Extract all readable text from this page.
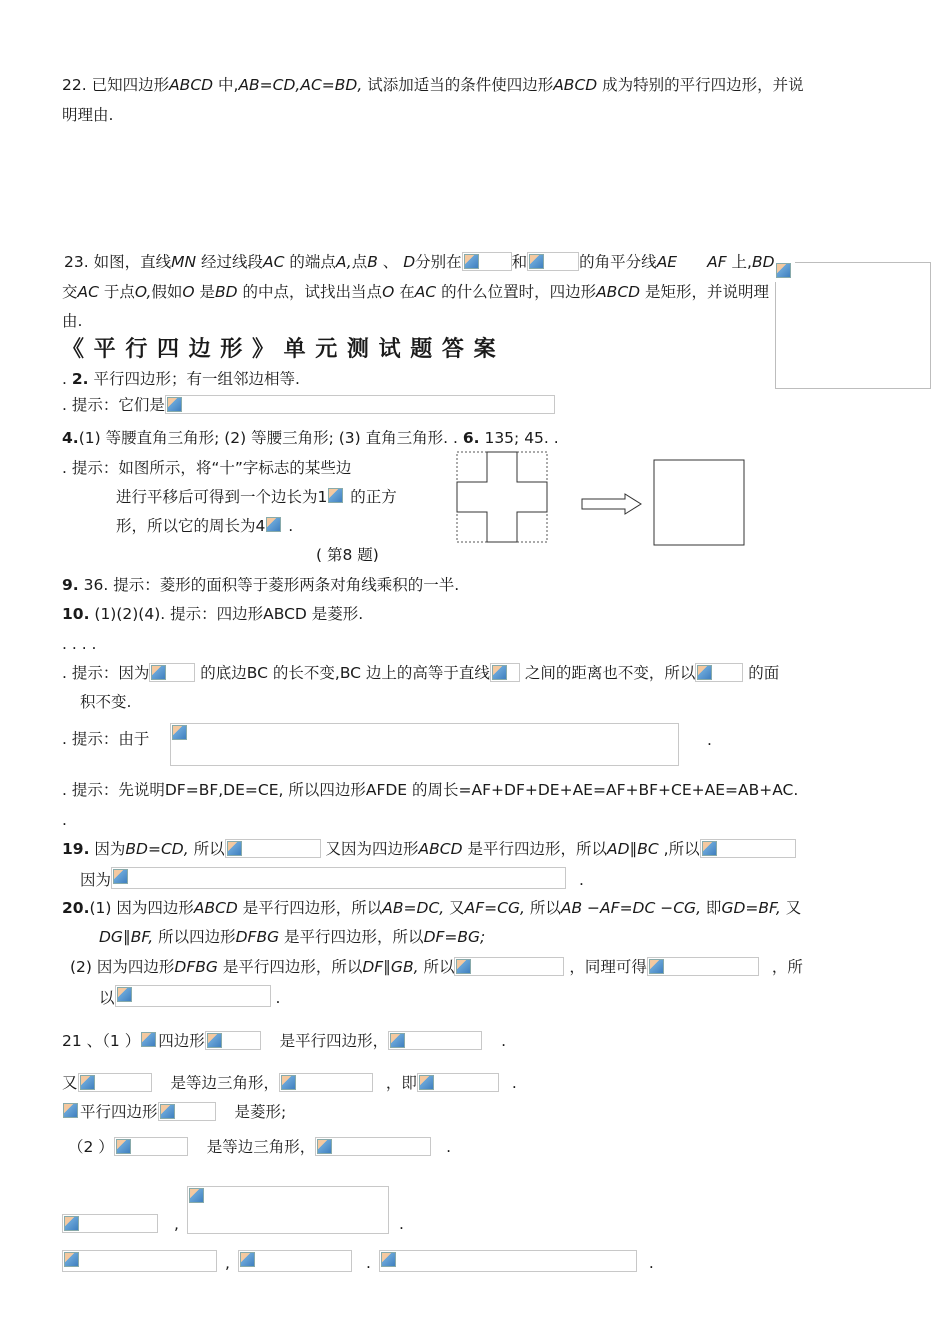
22. 已知四边形ABCD 中,AB=CD,AC=BD, 试添加适当的条件使四边形ABCD 成为特别的平行四边形，并说
明理由.
23. 如图，直线MN 经过线段AC 的端点A,点B 、 D分别在	和	的角平分线AE AF 上,BD
交AC 于点O,假如O 是BD 的中点，试找出当点O 在AC 的什么位置时，四边形ABCD 是矩形，并说明理
由.
《 平 行 四 边 形 》 单 元 测 试 题 答 案
. 2. 平行四边形；有一组邻边相等.
. 提示：它们是
4.(1) 等腰直角三角形; (2) 等腰三角形; (3) 直角三角形. . 6. 135; 45. .
. 提示：如图所示，将“十”字标志的某些边
进行平移后可得到一个边长为1 的正方
形，所以它的周长为4 .
( 第8 题)
9. 36. 提示：菱形的面积等于菱形两条对角线乘积的一半.
10. (1)(2)(4). 提示：四边形ABCD 是菱形.
. . . .
. 提示：因为	的底边BC 的长不变,BC 边上的高等于直线 之间的距离也不变，所以	的面
积不变.
. 提示：由于	.
. 提示：先说明DF=BF,DE=CE, 所以四边形AFDE 的周长=AF+DF+DE+AE=AF+BF+CE+AE=AB+AC.
.
19. 因为BD=CD, 所以	又因为四边形ABCD 是平行四边形，所以AD∥BC ,所以
因为	.
20.(1) 因为四边形ABCD 是平行四边形，所以AB=DC, 又AF=CG, 所以AB −AF=DC −CG, 即GD=BF, 又
DG∥BF, 所以四边形DFBG 是平行四边形，所以DF=BG;
(2) 因为四边形DFBG 是平行四边形，所以DF∥GB, 所以	，同理可得	，所
以	.
21 、（1 ） 四边形	是平行四边形，	.
又	是等边三角形，	，即	.
平行四边形	是菱形;
（2 ）	是等边三角形，	.
,	.
,	.	.
